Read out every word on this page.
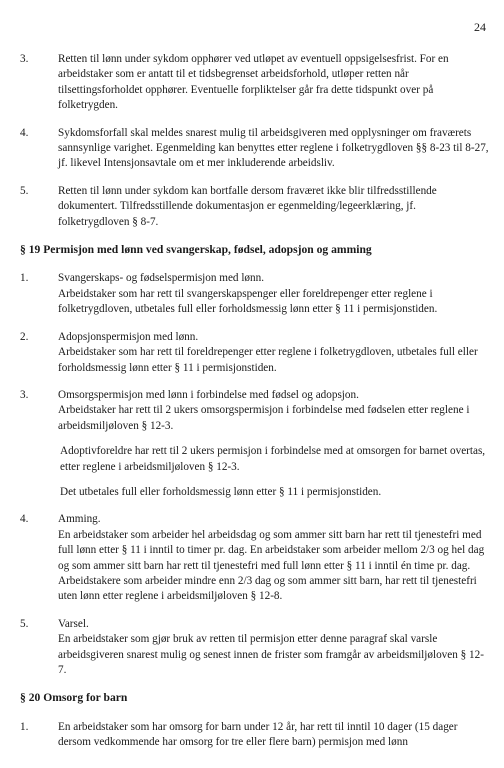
24
3.	Retten til lønn under sykdom opphører ved utløpet av eventuell oppsigelsesfrist. For en arbeidstaker som er antatt til et tidsbegrenset arbeidsforhold, utløper retten når tilsettingsforholdet opphører. Eventuelle forpliktelser går fra dette tidspunkt over på folketrygden.

4.	Sykdomsforfall skal meldes snarest mulig til arbeidsgiveren med opplysninger om fraværets sannsynlige varighet. Egenmelding kan benyttes etter reglene i folketrygdloven §§ 8-23 til 8-27, jf. likevel Intensjonsavtale om et mer inkluderende arbeidsliv.

5.	Retten til lønn under sykdom kan bortfalle dersom fraværet ikke blir tilfredsstillende dokumentert. Tilfredsstillende dokumentasjon er egenmelding/legeerklæring, jf. folketrygdloven § 8-7.

§ 19 Permisjon med lønn ved svangerskap, fødsel, adopsjon og amming
1.	Svangerskaps- og fødselspermisjon med lønn.

Arbeidstaker som har rett til svangerskapspenger eller foreldrepenger etter reglene i folketrygdloven, utbetales full eller forholdsmessig lønn etter § 11 i permisjonstiden.

2.	Adopsjonspermisjon med lønn.

Arbeidstaker som har rett til foreldrepenger etter reglene i folketrygdloven, utbetales full eller forholdsmessig lønn etter § 11 i permisjonstiden.

3.	Omsorgspermisjon med lønn i forbindelse med fødsel og adopsjon.

Arbeidstaker har rett til 2 ukers omsorgspermisjon i forbindelse med fødselen etter reglene i arbeidsmiljøloven § 12-3.

Adoptivforeldre har rett til 2 ukers permisjon i forbindelse med at omsorgen for barnet overtas, etter reglene i arbeidsmiljøloven § 12-3.

Det utbetales full eller forholdsmessig lønn etter § 11 i permisjonstiden.

4.	Amming.

En arbeidstaker som arbeider hel arbeidsdag og som ammer sitt barn har rett til tjenestefri med full lønn etter § 11 i inntil to timer pr. dag. En arbeidstaker som arbeider mellom 2/3 og hel dag og som ammer sitt barn har rett til tjenestefri med full lønn etter § 11 i inntil én time pr. dag. Arbeidstakere som arbeider mindre enn 2/3 dag og som ammer sitt barn, har rett til tjenestefri uten lønn etter reglene i arbeidsmiljøloven § 12-8.

5.	Varsel.

En arbeidstaker som gjør bruk av retten til permisjon etter denne paragraf skal varsle arbeidsgiveren snarest mulig og senest innen de frister som framgår av arbeidsmiljøloven § 12-7.

§ 20 Omsorg for barn
1.	En arbeidstaker som har omsorg for barn under 12 år, har rett til inntil 10 dager (15 dager dersom vedkommende har omsorg for tre eller flere barn) permisjon med lønn
